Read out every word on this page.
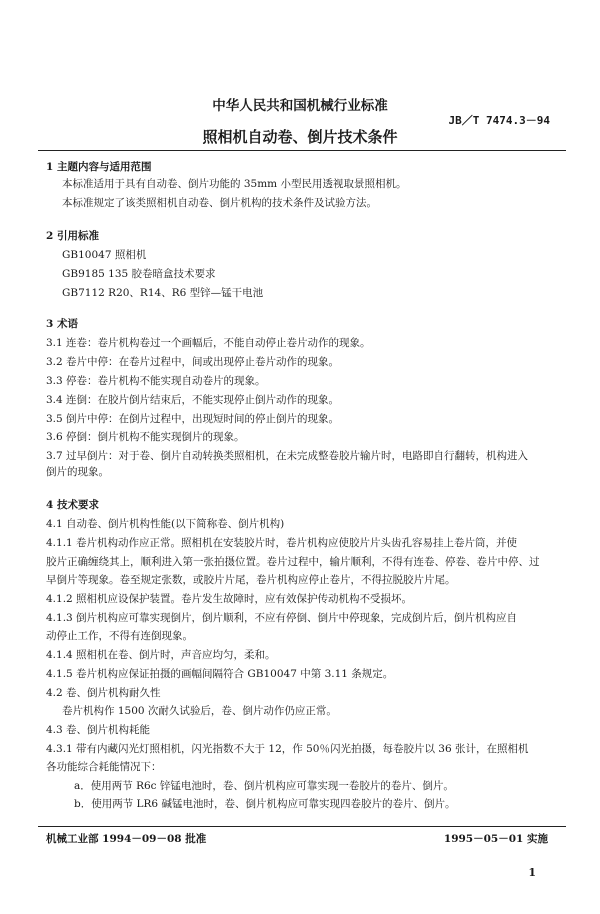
中华人民共和国机械行业标准
JB／T 7474.3－94
照相机自动卷、倒片技术条件
1 主题内容与适用范围
本标准适用于具有自动卷、倒片功能的 35mm 小型民用透视取景照相机。
本标准规定了该类照相机自动卷、倒片机构的技术条件及试验方法。
2 引用标准
GB10047 照相机
GB9185 135 胶卷暗盒技术要求
GB7112 R20、R14、R6 型锌—锰干电池
3 术语
3.1 连卷：卷片机构卷过一个画幅后，不能自动停止卷片动作的现象。
3.2 卷片中停：在卷片过程中，间或出现停止卷片动作的现象。
3.3 停卷：卷片机构不能实现自动卷片的现象。
3.4 连倒：在胶片倒片结束后，不能实现停止倒片动作的现象。
3.5 倒片中停：在倒片过程中，出现短时间的停止倒片的现象。
3.6 停倒：倒片机构不能实现倒片的现象。
3.7 过早倒片：对于卷、倒片自动转换类照相机，在未完成整卷胶片输片时，电路即自行翻转，机构进入
倒片的现象。
4 技术要求
4.1 自动卷、倒片机构性能(以下简称卷、倒片机构)
4.1.1 卷片机构动作应正常。照相机在安装胶片时，卷片机构应使胶片片头齿孔容易挂上卷片筒，并使
胶片正确缠绕其上，顺利进入第一张拍摄位置。卷片过程中，输片顺利，不得有连卷、停卷、卷片中停、过
早倒片等现象。卷至规定张数，或胶片片尾，卷片机构应停止卷片，不得拉脱胶片片尾。
4.1.2 照相机应设保护装置。卷片发生故障时，应有效保护传动机构不受损坏。
4.1.3 倒片机构应可靠实现倒片，倒片顺利，不应有停倒、倒片中停现象，完成倒片后，倒片机构应自
动停止工作，不得有连倒现象。
4.1.4 照相机在卷、倒片时，声音应均匀，柔和。
4.1.5 卷片机构应保证拍摄的画幅间隔符合 GB10047 中第 3.11 条规定。
4.2 卷、倒片机构耐久性
卷片机构作 1500 次耐久试验后，卷、倒片动作仍应正常。
4.3 卷、倒片机构耗能
4.3.1 带有内藏闪光灯照相机，闪光指数不大于 12，作 50％闪光拍摄，每卷胶片以 36 张计，在照相机
各功能综合耗能情况下：
a．使用两节 R6c 锌锰电池时，卷、倒片机构应可靠实现一卷胶片的卷片、倒片。
b．使用两节 LR6 碱锰电池时，卷、倒片机构应可靠实现四卷胶片的卷片、倒片。
机械工业部 1994－09－08 批准	1995－05－01 实施
1
